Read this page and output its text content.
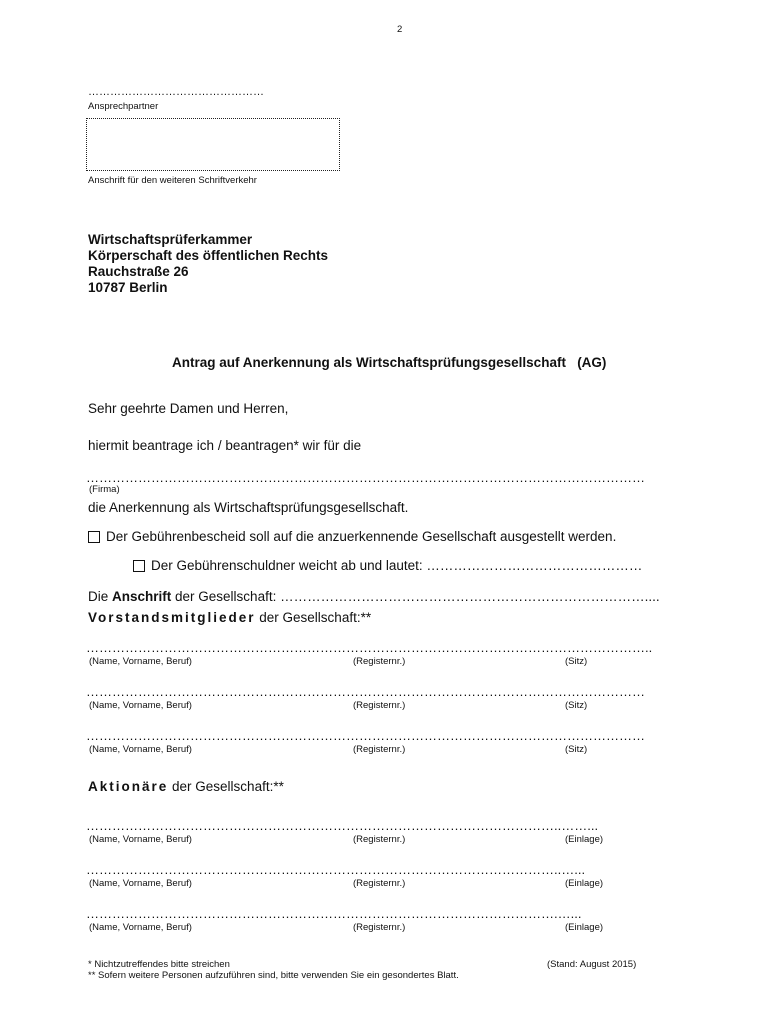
2
…………………………………………
Ansprechpartner
Anschrift für den weiteren Schriftverkehr
Wirtschaftsprüferkammer
Körperschaft des öffentlichen Rechts
Rauchstraße 26
10787 Berlin
Antrag auf Anerkennung als Wirtschaftsprüfungsgesellschaft   (AG)
Sehr geehrte Damen und Herren,
hiermit beantrage ich / beantragen* wir für die
…………………………………………………………………………………………………………………
(Firma)
die Anerkennung als Wirtschaftsprüfungsgesellschaft.
Der Gebührenbescheid soll auf die anzuerkennende Gesellschaft ausgestellt werden.
Der Gebührenschuldner weicht ab und lautet: …………………………………………
Die Anschrift der Gesellschaft: ………………………………………………………………………....
Vorstandsmitglieder der Gesellschaft:**
…………………………………………………………………………………………………………………..
(Name, Vorname, Beruf)	(Registernr.)	(Sitz)
…………………………………………………………………………………………………………………
(Name, Vorname, Beruf)	(Registernr.)	(Sitz)
…………………………………………………………………………………………………………………
(Name, Vorname, Beruf)	(Registernr.)	(Sitz)
Aktionäre der Gesellschaft:**
………………………………………………………………………………………………..……...
(Name, Vorname, Beruf)	(Registernr.)	(Einlage)
………………………………………………………………………………………………..…...
(Name, Vorname, Beruf)	(Registernr.)	(Einlage)
……………………………………………………………………………………………….…...
(Name, Vorname, Beruf)	(Registernr.)	(Einlage)
* Nichtzutreffendes bitte streichen
** Sofern weitere Personen aufzuführen sind, bitte verwenden Sie ein gesondertes Blatt.
(Stand: August 2015)
